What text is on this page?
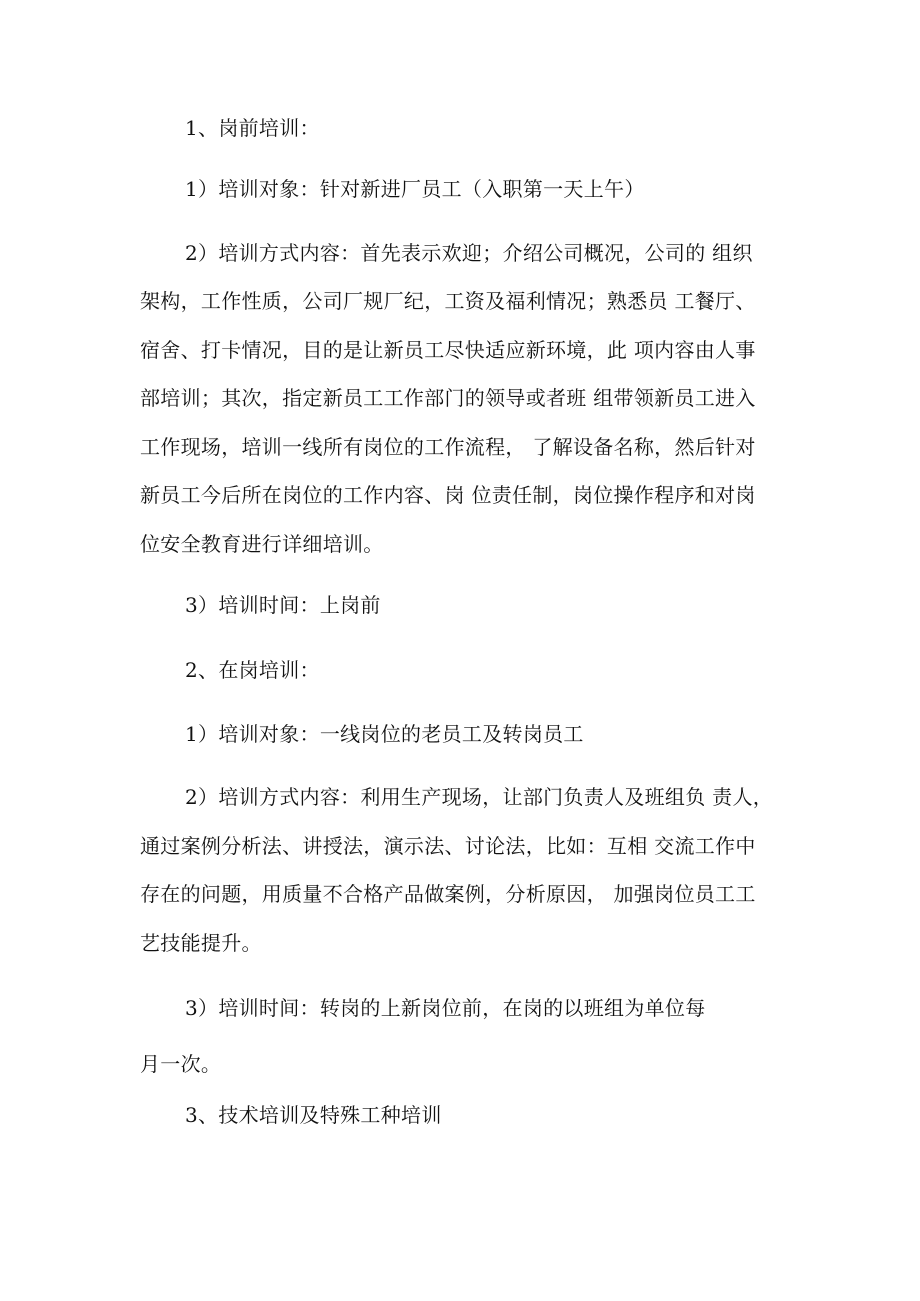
1、岗前培训：

1）培训对象：针对新进厂员工（入职第一天上午）

2）培训方式内容：首先表示欢迎；介绍公司概况，公司的 组织

架构，工作性质，公司厂规厂纪，工资及福利情况；熟悉员 工餐厅、

宿舍、打卡情况，目的是让新员工尽快适应新环境，此 项内容由人事

部培训；其次，指定新员工工作部门的领导或者班 组带领新员工进入

工作现场，培训一线所有岗位的工作流程， 了解设备名称，然后针对

新员工今后所在岗位的工作内容、岗 位责任制，岗位操作程序和对岗

位安全教育进行详细培训。

3）培训时间：上岗前

2、在岗培训：

1）培训对象：一线岗位的老员工及转岗员工

2）培训方式内容：利用生产现场，让部门负责人及班组负 责人，

通过案例分析法、讲授法，演示法、讨论法，比如：互相 交流工作中

存在的问题，用质量不合格产品做案例，分析原因， 加强岗位员工工

艺技能提升。

3）培训时间：转岗的上新岗位前，在岗的以班组为单位每

月一次。

3、技术培训及特殊工种培训
